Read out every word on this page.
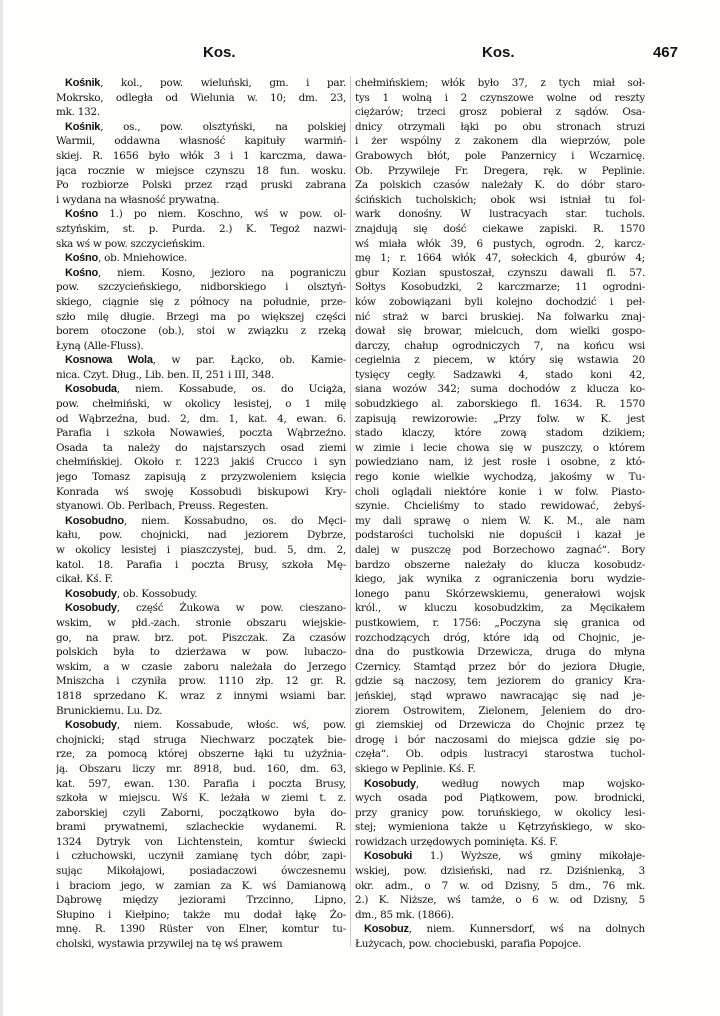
Kos.	Kos.	467
Kośnik, kol., pow. wieluński, gm. i par.
Mokrsko, odległa od Wielunia w. 10; dm. 23,
mk. 132.
Kośnik, os., pow. olsztyński, na polskiej
Warmii, oddawna własność kapituły warmiń-
skiej. R. 1656 było włók 3 i 1 karczma, dawa-
jąca rocznie w miejsce czynszu 18 fun. wosku.
Po rozbiorze Polski przez rząd pruski zabrana
i wydana na własność prywatną.
Kośno 1.) po niem. Koschno, wś w pow. ol-
sztyńskim, st. p. Purda. 2.) K. Tegoż nazwi-
ska wś w pow. szczycieńskim.
Kośno, ob. Mniehowice.
Kośno, niem. Kosno, jezioro na pograniczu
pow. szczycieńskiego, nidborskiego i olsztyń-
skiego, ciągnie się z północy na południe, prze-
szło milę długie. Brzegi ma po większej części
borem otoczone (ob.), stoi w związku z rzeką
Łyną (Alle-Fluss).
Kosnowa Wola, w par. Łącko, ob. Kamie-
nica. Czyt. Dług., Lib. ben. II, 251 i III, 348.
Kosobuda, niem. Kossabude, os. do Ucią̨ża,
pow. chełmiński, w okolicy lesistej, o 1 milę
od Wąbrzeźna, bud. 2, dm. 1, kat. 4, ewan. 6.
Parafia i szkoła Nowawieś, poczta Wąbrzeźno.
Osada ta należy do najstarszych osad ziemi
chełmińskiej. Około r. 1223 jakiś Crucco i syn
jego Tomasz zapisują z przyzwoleniem księcia
Konrada wś swoję Kossobudi biskupowi Kry-
styanowi. Ob. Perlbach, Preuss. Regesten.
Kosobudno, niem. Kossabudno, os. do Męci-
kału, pow. chojnicki, nad jeziorem Dybrze,
w okolicy lesistej i piaszczystej, bud. 5, dm. 2,
katol. 18. Parafia i poczta Brusy, szkoła Mę-
cikał. Kś. F.
Kosobudy, ob. Kossobudy.
Kosobudy, część Żukowa w pow. cieszano-
wskim, w płd.-zach. stronie obszaru wiejskie-
go, na praw. brz. pot. Piszczak. Za czasów
polskich była to dzierżawa w pow. lubaczo-
wskim, a w czasie zaboru należała do Jerzego
Mniszcha i czyniła prow. 1110 złp. 12 gr. R.
1818 sprzedano K. wraz z innymi wsiami bar.
Brunickiemu. Lu. Dz.
Kosobudy, niem. Kossabude, włośc. wś, pow.
chojnicki; stąd struga Niechwarz początek bie-
rze, za pomocą której obszerne łąki tu użyźnia-
ją. Obszaru liczy mr. 8918, bud. 160, dm. 63,
kat. 597, ewan. 130. Parafia i poczta Brusy,
szkoła w miejscu. Wś K. leżała w ziemi t. z.
zaborskiej czyli Zaborni, początkowo była do-
brami prywatnemi, szlacheckie wydanemi. R.
1324 Dytryk von Lichtenstein, komtur świecki
i człuchowski, uczynił zamianę tych dóbr, zapi-
sując Mikołajowi, posiadaczowi ówczesnemu
i braciom jego, w zamian za K. wś Damianową
Dąbrowę między jeziorami Trzcinno, Lipno,
Słupino i Kiełpino; także mu dodał łąkę Żo-
mnę. R. 1390 Rüster von Elner, komtur tu-
cholski, wystawia przywilej na tę wś prawem
chełmińskiem; włók było 37, z tych miał soł-
tys 1 wolną i 2 czynszowe wolne od reszty
ciężarów; trzeci grosz pobierał z sądów. Osa-
dnicy otrzymali łąki po obu stronach struzi
i żer wspólny z zakonem dla wieprzów, pole
Grabowych błót, pole Panzernicy i Wczarnicę.
Ob. Przywileje Fr. Dregera, ręk. w Peplinie.
Za polskich czasów należały K. do dóbr staro-
ścińskich tucholskich; obok wsi istniał tu fol-
wark donośny. W lustracyach star. tuchols.
znajdują się dość ciekawe zapiski. R. 1570
wś miała włók 39, 6 pustych, ogrodn. 2, karcz-
mę 1; r. 1664 włók 47, sołeckich 4, gburów 4;
gbur Kozian spustoszał, czynszu dawali fl. 57.
Sołtys Kosobudzki, 2 karczmarze; 11 ogrodni-
ków zobowiązani byli kolejno dochodzić i peł-
nić straż w barci bruskiej. Na folwarku znaj-
dował się browar, mielcuch, dom wielki gospo-
darczy, chałup ogrodniczych 7, na końcu wsi
cegielnia z piecem, w który się wstawia 20
tysięcy cegły. Sadzawki 4, stado koni 42,
siana wozów 342; suma dochodów z klucza ko-
sobudzkiego al. zaborskiego fl. 1634. R. 1570
zapisują rewizorowie: „Przy folw. w K. jest
stado klaczy, które zową stadom dzikiem;
w zimie i lecie chowa się w puszczy, o którem
powiedziano nam, iż jest rosłe i osobne, z któ-
rego konie wielkie wychodzą, jakośmy w Tu-
choli oglądali niektóre konie i w folw. Piasto-
szynie. Chcieliśmy to stado rewidować, żebyś-
my dali sprawę o niem W. K. M., ale nam
podstarości tucholski nie dopuścił i kazał je
dalej w puszczę pod Borzechowo zagnać“. Bory
bardzo obszerne należały do klucza kosobudz-
kiego, jak wynika z ograniczenia boru wydzie-
lonego panu Skórzewskiemu, generałowi wojsk
król., w kluczu kosobudzkim, za Męcikałem
pustkowiem, r. 1756: „Poczyna się granica od
rozchodzących dróg, które idą od Chojnic, je-
dna do pustkowia Drzewicza, druga do młyna
Czernicy. Stamtąd przez bór do jeziora Długie,
gdzie są naczosy, tem jeziorem do granicy Kra-
jeńskiej, stąd wprawo nawracając się nad je-
ziorem Ostrowitem, Zielonem, Jeleniem do dro-
gi ziemskiej od Drzewicza do Chojnic przez tę
drogę i bór naczosami do miejsca gdzie się po-
częła“. Ob. odpis lustracyi starostwa tuchol-
skiego w Peplinie. Kś. F.
Kosobudy, według nowych map wojsko-
wych osada pod Piątkowem, pow. brodnicki,
przy granicy pow. toruńskiego, w okolicy lesi-
stej; wymieniona także u Kętrzyńskiego, w sko-
rowidzach urzędowych pominięta. Kś. F.
Kosobuki 1.) Wyższe, wś gminy mikołaje-
wskiej, pow. dzisieński, nad rz. Dziśnienką, 3
okr. adm., o 7 w. od Dzisny, 5 dm., 76 mk.
2.) K. Niższe, wś tamże, o 6 w. od Dzisny, 5
dm., 85 mk. (1866).
Kosobuz, niem. Kunnersdorf, wś na dolnych
Łużycach, pow. chociebuski, parafia Popojce.
